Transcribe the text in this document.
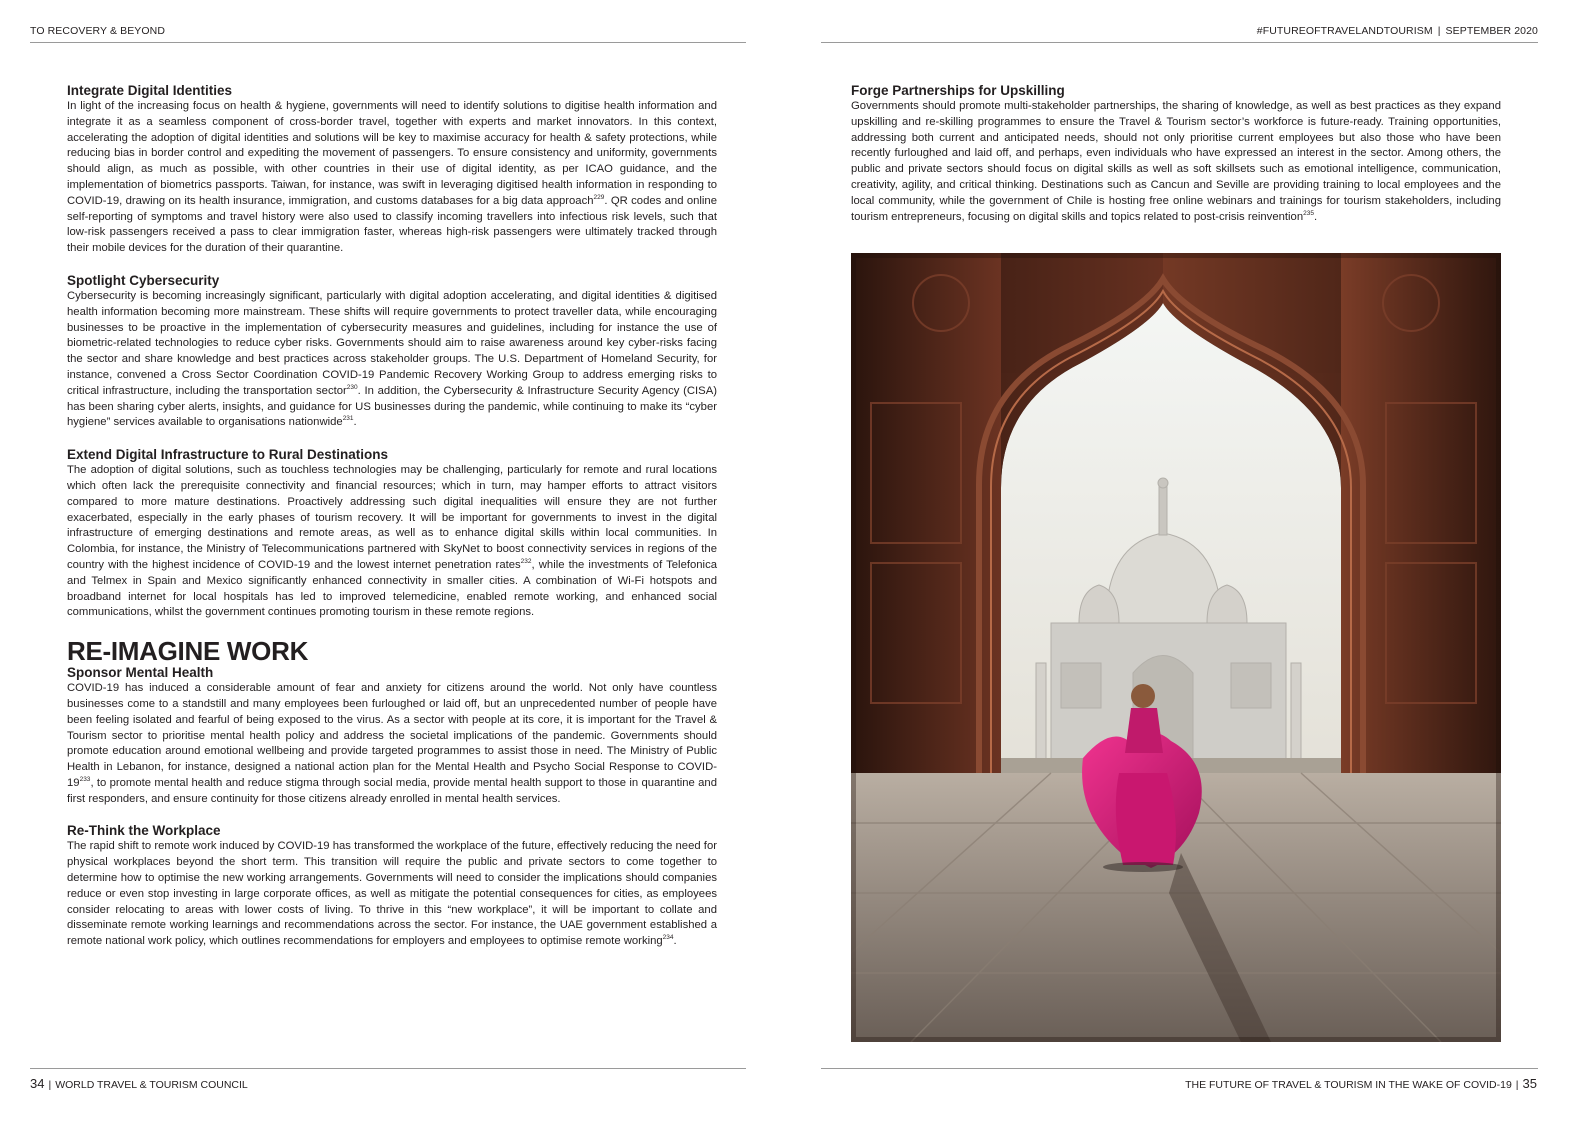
TO RECOVERY & BEYOND
Integrate Digital Identities
In light of the increasing focus on health & hygiene, governments will need to identify solutions to digitise health information and integrate it as a seamless component of cross-border travel, together with experts and market innovators. In this context, accelerating the adoption of digital identities and solutions will be key to maximise accuracy for health & safety protections, while reducing bias in border control and expediting the movement of passengers. To ensure consistency and uniformity, governments should align, as much as possible, with other countries in their use of digital identity, as per ICAO guidance, and the implementation of biometrics passports. Taiwan, for instance, was swift in leveraging digitised health information in responding to COVID-19, drawing on its health insurance, immigration, and customs databases for a big data approach$^{229}$. QR codes and online self-reporting of symptoms and travel history were also used to classify incoming travellers into infectious risk levels, such that low-risk passengers received a pass to clear immigration faster, whereas high-risk passengers were ultimately tracked through their mobile devices for the duration of their quarantine.
Spotlight Cybersecurity
Cybersecurity is becoming increasingly significant, particularly with digital adoption accelerating, and digital identities & digitised health information becoming more mainstream. These shifts will require governments to protect traveller data, while encouraging businesses to be proactive in the implementation of cybersecurity measures and guidelines, including for instance the use of biometric-related technologies to reduce cyber risks. Governments should aim to raise awareness around key cyber-risks facing the sector and share knowledge and best practices across stakeholder groups. The U.S. Department of Homeland Security, for instance, convened a Cross Sector Coordination COVID-19 Pandemic Recovery Working Group to address emerging risks to critical infrastructure, including the transportation sector$^{230}$. In addition, the Cybersecurity & Infrastructure Security Agency (CISA) has been sharing cyber alerts, insights, and guidance for US businesses during the pandemic, while continuing to make its “cyber hygiene” services available to organisations nationwide$^{231}$.
Extend Digital Infrastructure to Rural Destinations
The adoption of digital solutions, such as touchless technologies may be challenging, particularly for remote and rural locations which often lack the prerequisite connectivity and financial resources; which in turn, may hamper efforts to attract visitors compared to more mature destinations. Proactively addressing such digital inequalities will ensure they are not further exacerbated, especially in the early phases of tourism recovery. It will be important for governments to invest in the digital infrastructure of emerging destinations and remote areas, as well as to enhance digital skills within local communities. In Colombia, for instance, the Ministry of Telecommunications partnered with SkyNet to boost connectivity services in regions of the country with the highest incidence of COVID-19 and the lowest internet penetration rates$^{232}$, while the investments of Telefonica and Telmex in Spain and Mexico significantly enhanced connectivity in smaller cities. A combination of Wi-Fi hotspots and broadband internet for local hospitals has led to improved telemedicine, enabled remote working, and enhanced social communications, whilst the government continues promoting tourism in these remote regions.
RE-IMAGINE WORK
Sponsor Mental Health
COVID-19 has induced a considerable amount of fear and anxiety for citizens around the world. Not only have countless businesses come to a standstill and many employees been furloughed or laid off, but an unprecedented number of people have been feeling isolated and fearful of being exposed to the virus. As a sector with people at its core, it is important for the Travel & Tourism sector to prioritise mental health policy and address the societal implications of the pandemic. Governments should promote education around emotional wellbeing and provide targeted programmes to assist those in need. The Ministry of Public Health in Lebanon, for instance, designed a national action plan for the Mental Health and Psycho Social Response to COVID-$19^{233}$, to promote mental health and reduce stigma through social media, provide mental health support to those in quarantine and first responders, and ensure continuity for those citizens already enrolled in mental health services.
Re-Think the Workplace
The rapid shift to remote work induced by COVID-19 has transformed the workplace of the future, effectively reducing the need for physical workplaces beyond the short term. This transition will require the public and private sectors to come together to determine how to optimise the new working arrangements. Governments will need to consider the implications should companies reduce or even stop investing in large corporate offices, as well as mitigate the potential consequences for cities, as employees consider relocating to areas with lower costs of living. To thrive in this “new workplace”, it will be important to collate and disseminate remote working learnings and recommendations across the sector. For instance, the UAE government established a remote national work policy, which outlines recommendations for employers and employees to optimise remote working$^{234}$.
34 | WORLD TRAVEL & TOURISM COUNCIL
#FUTUREOFTRAVELANDTOURISM | SEPTEMBER 2020
Forge Partnerships for Upskilling
Governments should promote multi-stakeholder partnerships, the sharing of knowledge, as well as best practices as they expand upskilling and re-skilling programmes to ensure the Travel & Tourism sector’s workforce is future-ready. Training opportunities, addressing both current and anticipated needs, should not only prioritise current employees but also those who have been recently furloughed and laid off, and perhaps, even individuals who have expressed an interest in the sector. Among others, the public and private sectors should focus on digital skills as well as soft skillsets such as emotional intelligence, communication, creativity, agility, and critical thinking. Destinations such as Cancun and Seville are providing training to local employees and the local community, while the government of Chile is hosting free online webinars and trainings for tourism stakeholders, including tourism entrepreneurs, focusing on digital skills and topics related to post-crisis reinvention$^{235}$.
THE FUTURE OF TRAVEL & TOURISM IN THE WAKE OF COVID-19 | 35
